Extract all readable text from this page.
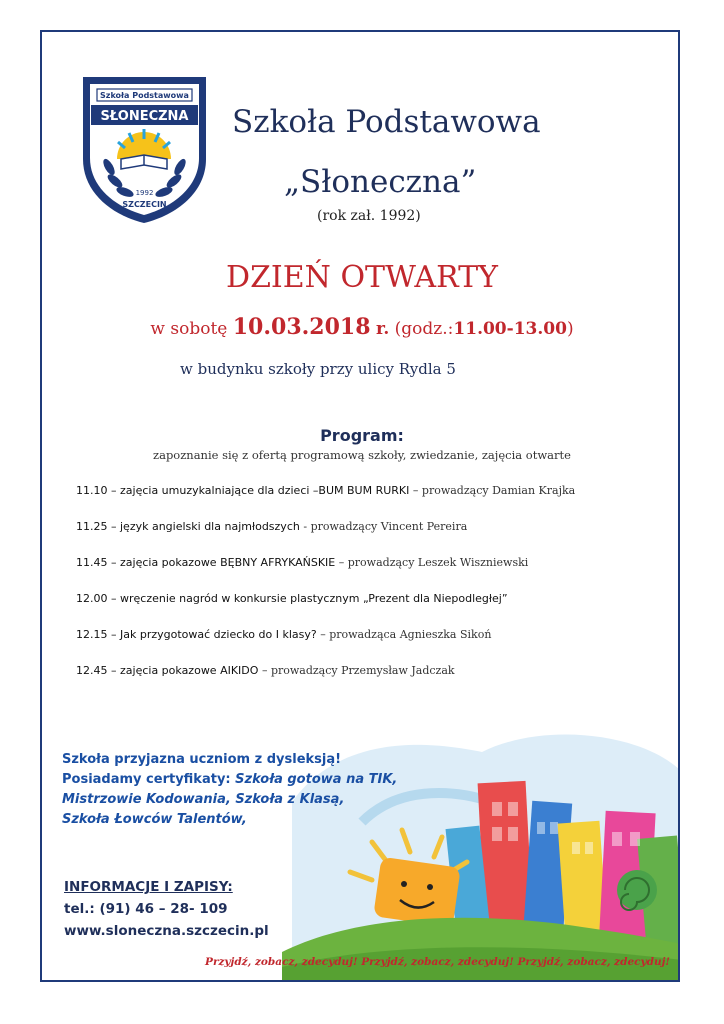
Szkoła Podstawowa
SŁONECZNA
1992
SZCZECIN
Szkoła Podstawowa
„Słoneczna”
(rok zał. 1992)
DZIEŃ OTWARTY
w sobotę 10.03.2018 r. (godz.:11.00-13.00)
w budynku szkoły przy ulicy Rydla 5
Program:
zapoznanie się z ofertą programową szkoły, zwiedzanie, zajęcia otwarte
11.10 – zajęcia umuzykalniające dla dzieci –BUM BUM RURKI – prowadzący Damian Krajka
11.25 – język angielski dla najmłodszych - prowadzący Vincent Pereira
11.45 – zajęcia pokazowe BĘBNY AFRYKAŃSKIE – prowadzący Leszek Wiszniewski
12.00 – wręczenie nagród w konkursie plastycznym „Prezent dla Niepodległej”
12.15 – Jak przygotować dziecko do I klasy? – prowadząca Agnieszka Sikoń
12.45 – zajęcia pokazowe AIKIDO – prowadzący Przemysław Jadczak
Szkoła przyjazna uczniom z dysleksją!
Posiadamy certyfikaty: Szkoła gotowa na TIK,
Mistrzowie Kodowania, Szkoła z Klasą,
Szkoła Łowców Talentów,
INFORMACJE I ZAPISY:
tel.: (91) 46 – 28- 109
www.sloneczna.szczecin.pl
Przyjdź, zobacz, zdecyduj! Przyjdź, zobacz, zdecyduj! Przyjdź, zobacz, zdecyduj!
